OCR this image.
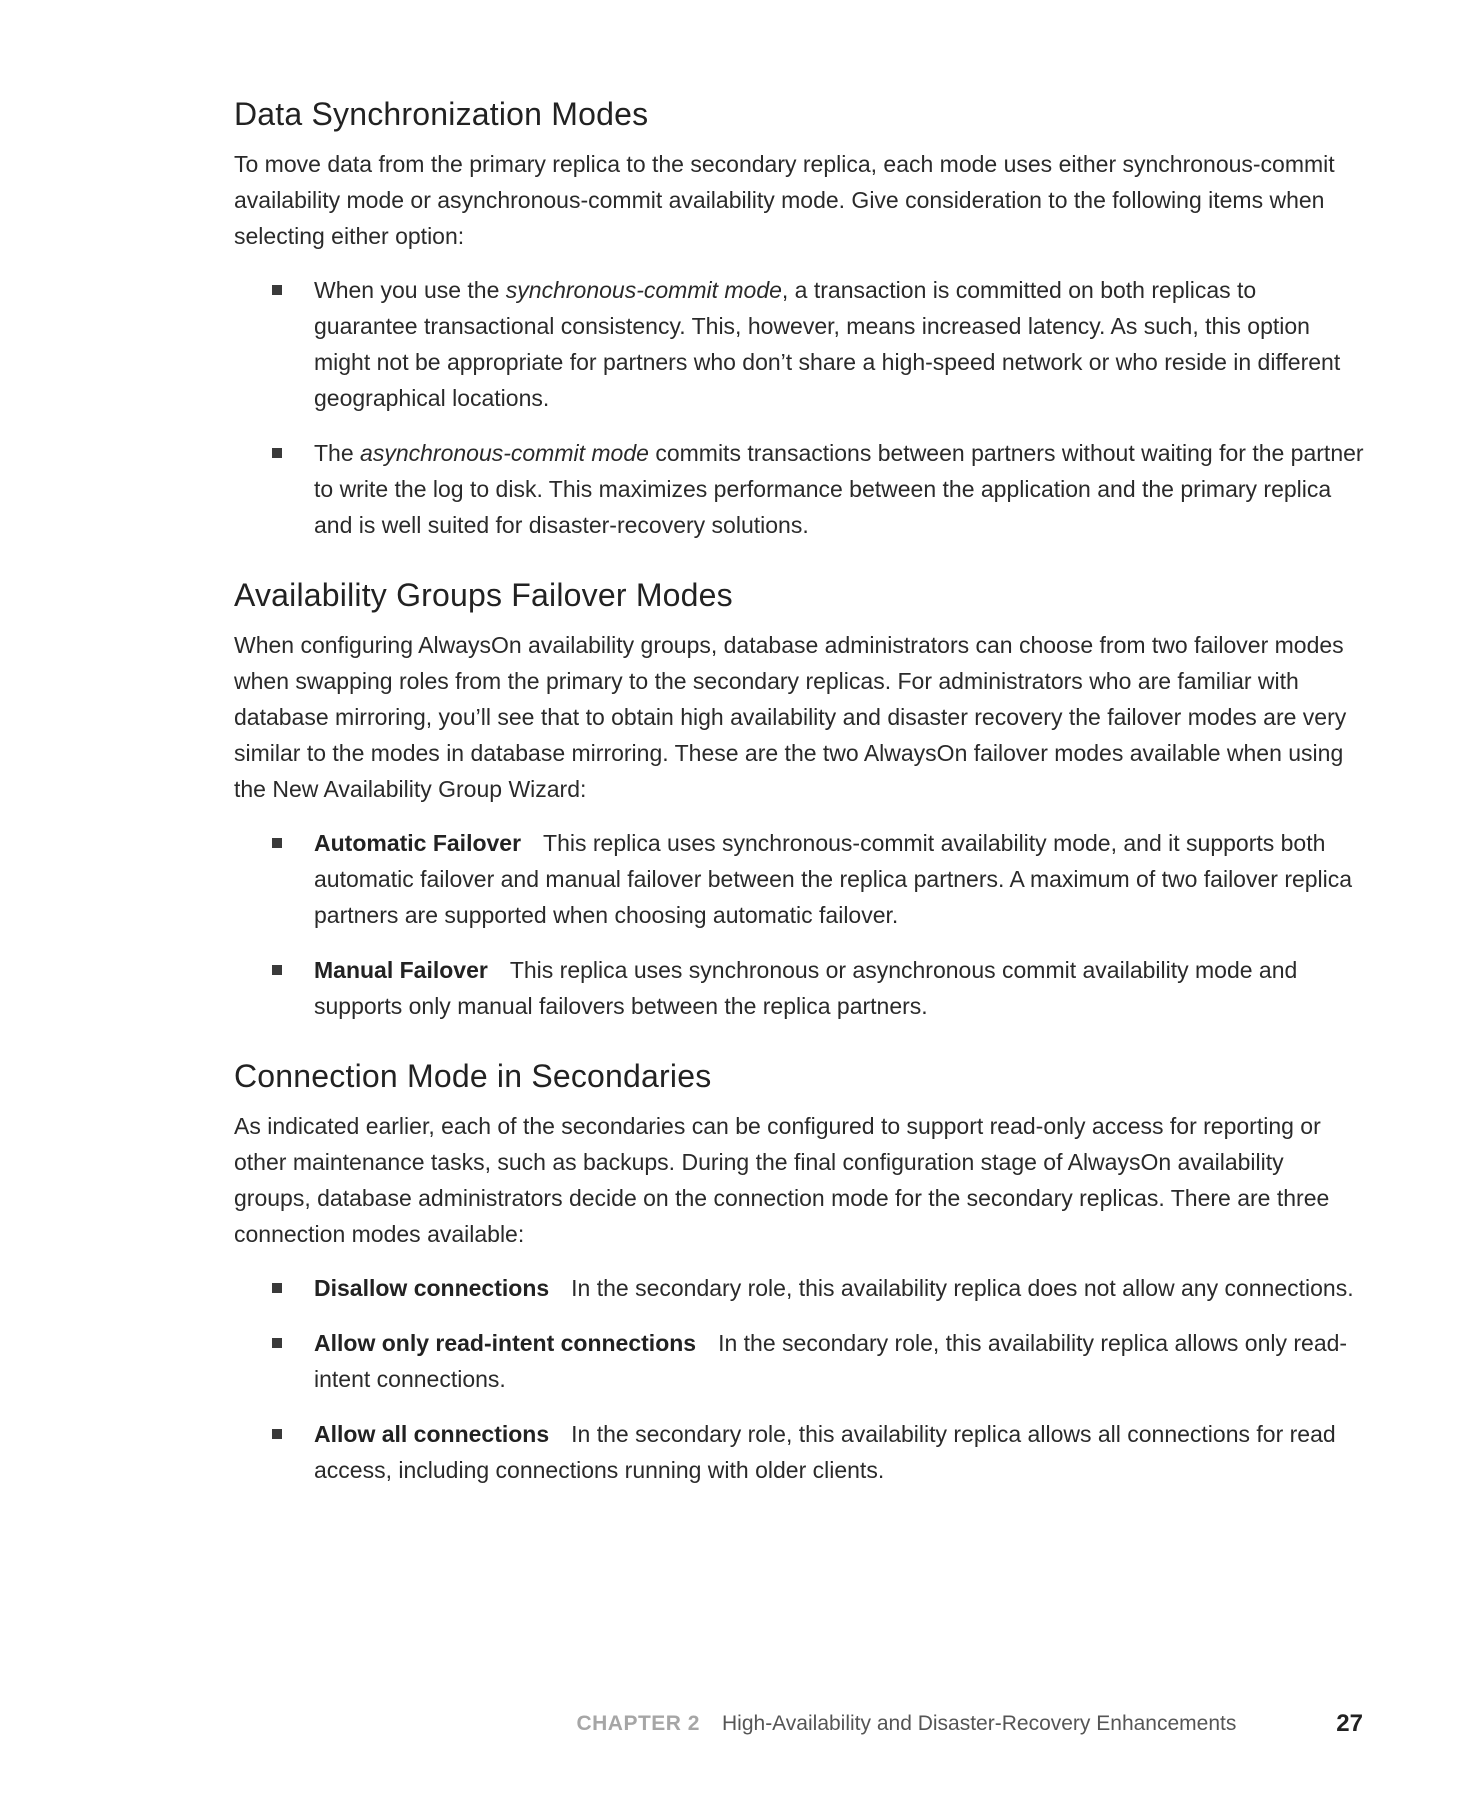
Data Synchronization Modes

To move data from the primary replica to the secondary replica, each mode uses either synchronous-commit availability mode or asynchronous-commit availability mode. Give consideration to the following items when selecting either option:

When you use the synchronous-commit mode, a transaction is committed on both replicas to guarantee transactional consistency. This, however, means increased latency. As such, this option might not be appropriate for partners who don’t share a high-speed network or who reside in different geographical locations.
The asynchronous-commit mode commits transactions between partners without waiting for the partner to write the log to disk. This maximizes performance between the application and the primary replica and is well suited for disaster-recovery solutions.
Availability Groups Failover Modes

When configuring AlwaysOn availability groups, database administrators can choose from two failover modes when swapping roles from the primary to the secondary replicas. For administrators who are familiar with database mirroring, you’ll see that to obtain high availability and disaster recovery the failover modes are very similar to the modes in database mirroring. These are the two AlwaysOn failover modes available when using the New Availability Group Wizard:

Automatic Failover This replica uses synchronous-commit availability mode, and it supports both automatic failover and manual failover between the replica partners. A maximum of two failover replica partners are supported when choosing automatic failover.
Manual Failover This replica uses synchronous or asynchronous commit availability mode and supports only manual failovers between the replica partners.
Connection Mode in Secondaries

As indicated earlier, each of the secondaries can be configured to support read-only access for reporting or other maintenance tasks, such as backups. During the final configuration stage of AlwaysOn availability groups, database administrators decide on the connection mode for the secondary replicas. There are three connection modes available:

Disallow connections In the secondary role, this availability replica does not allow any connections.
Allow only read-intent connections In the secondary role, this availability replica allows only read-intent connections.
Allow all connections In the secondary role, this availability replica allows all connections for read access, including connections running with older clients.
CHAPTER 2 High-Availability and Disaster-Recovery Enhancements	27
